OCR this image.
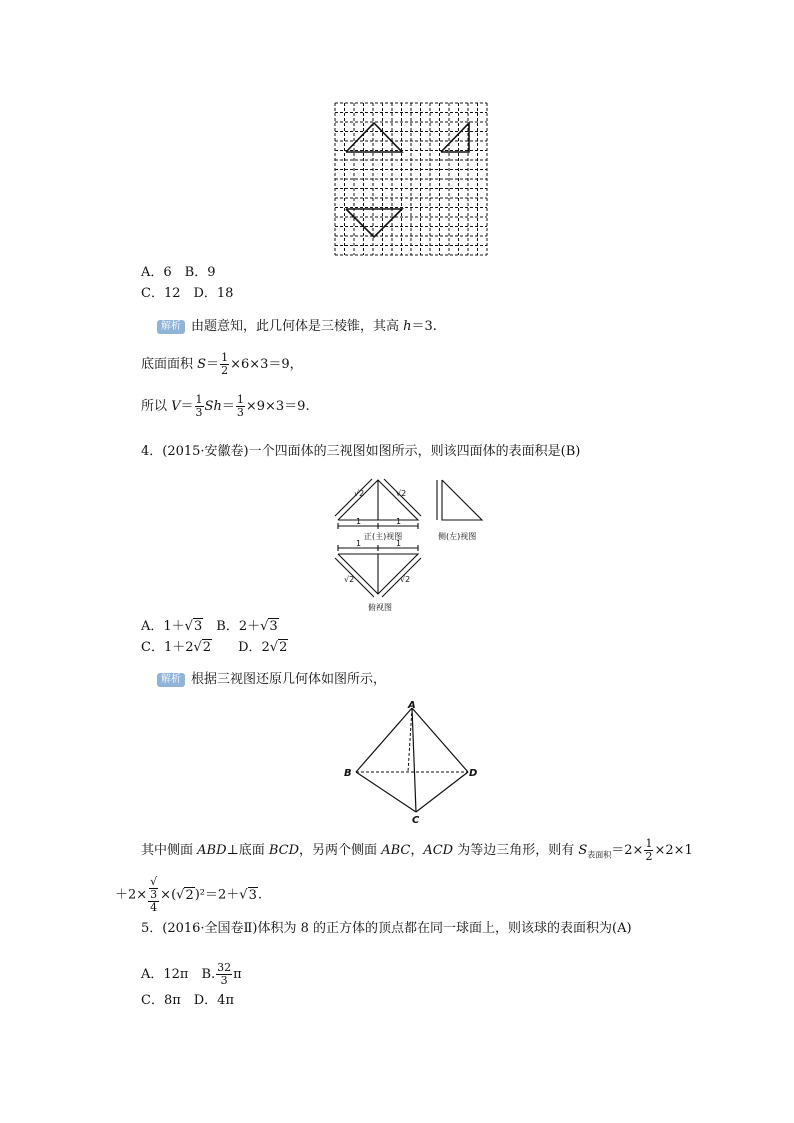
A．6　B．9
C．12　D．18
解析 由题意知，此几何体是三棱锥，其高 h＝3.
底面面积 $S= \frac{1}{2} \times 6\times 3=9$，
所以 $V= \frac{1}{3} Sh= \frac{1}{3} \times 9\times 3=9$.
4．(2015·安徽卷)一个四面体的三视图如图所示，则该四面体的表面积是(B)
√2	√2
1	1
正(主)视图	侧(左)视图
1	1
√2	√2
俯视图
A．1＋√3　 B．2＋√3
C．1＋2√2　　 D．2√2
解析 根据三视图还原几何体如图所示，
A
B
C
D
其中侧面 ABD⊥底面 BCD，另两个侧面 ABC，ACD 为等边三角形，则有 $S_{表面积}=2\times \frac{1}{2} \times 2\times 1$
＋2× √
3
4 ×(√2)²＝2＋√3.
5．(2016·全国卷Ⅱ)体积为 8 的正方体的顶点都在同一球面上，则该球的表面积为(A)
A．12π　B. $\frac{32}{3}$ π
C．8π　D．4π
